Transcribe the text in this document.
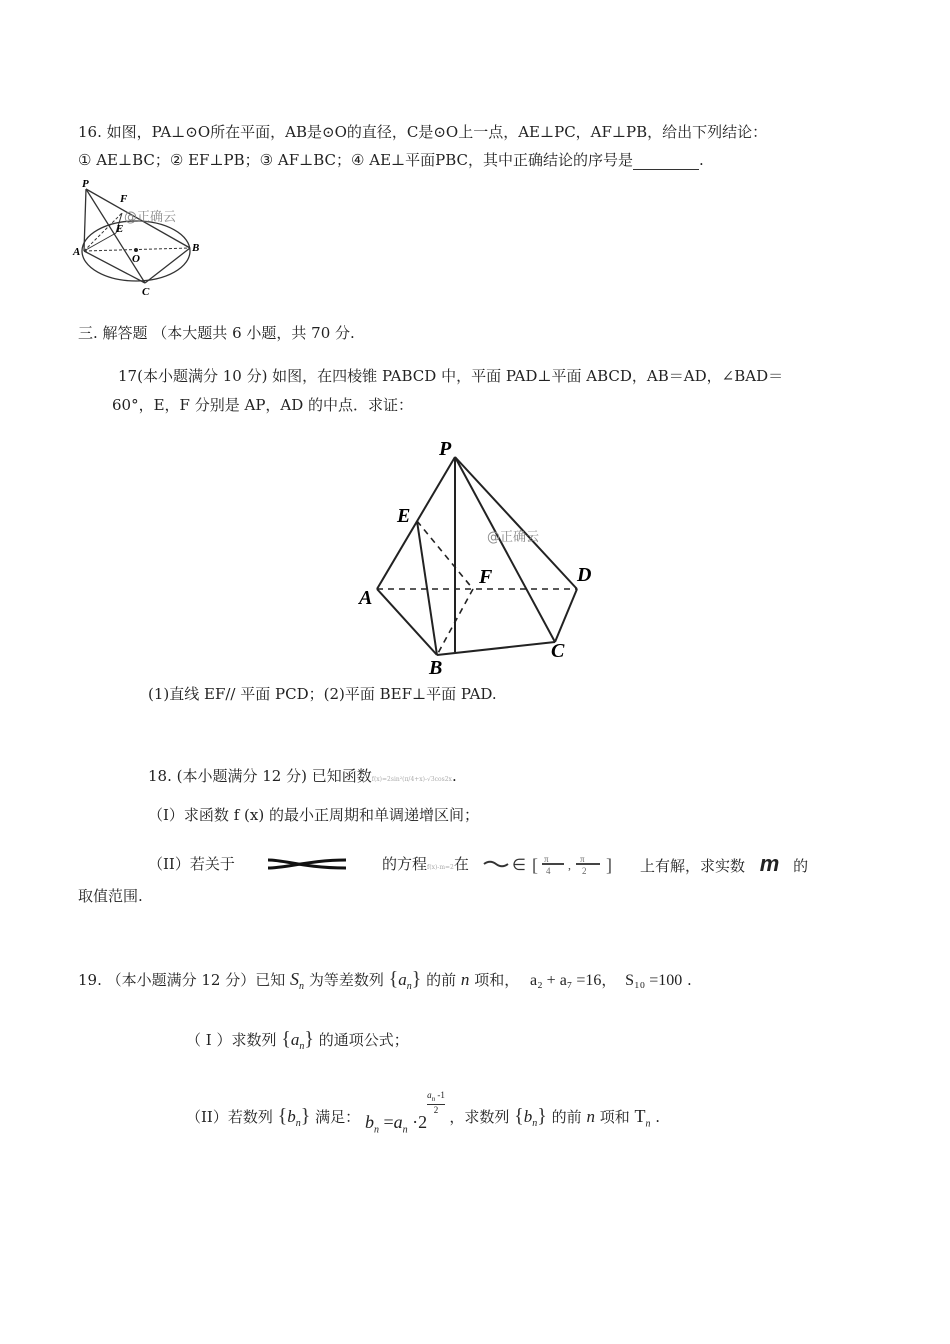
16. 如图，PA⊥⊙O所在平面，AB是⊙O的直径，C是⊙O上一点，AE⊥PC，AF⊥PB，给出下列结论：
① AE⊥BC；② EF⊥PB；③ AF⊥BC；④ AE⊥平面PBC，其中正确结论的序号是	.
P
F
E
A
O
B
C
@正确云
三. 解答题 （本大题共 6 小题，共 70 分.
17(本小题满分 10 分) 如图，在四棱锥 PABCD 中，平面 PAD⊥平面 ABCD，AB＝AD，∠BAD＝
60°，E，F 分别是 AP，AD 的中点．求证：
P
E
F	D
A
B
C
@正确云
(1)直线 EF// 平面 PCD；(2)平面 BEF⊥平面 PAD.
18. (本小题满分 12 分) 已知函数f(x)=2sin²(π/4+x)-√3cos2x.
（I）求函数 f (x) 的最小正周期和单调递增区间；
（II）若关于	的方程f(x)-m=2在	∈ [ π
4 , π
2 ] 上有解，求实数 m 的
取值范围.
19. （本小题满分 12 分）已知 $S_n$ 为等差数列 $\{a_n\}$ 的前 n 项和， a₂ + a₇ =16， S₁₀ =100 .
（ I ）求数列 $\{a_n\}$ 的通项公式；
（II）若数列 $\{b_n\}$ 满足： $b_n =a_n \cdot 2$
$^{\frac{a_n -1}{2}}$
，求数列 $\{b_n\}$ 的前 n 项和 $T_n$ .
